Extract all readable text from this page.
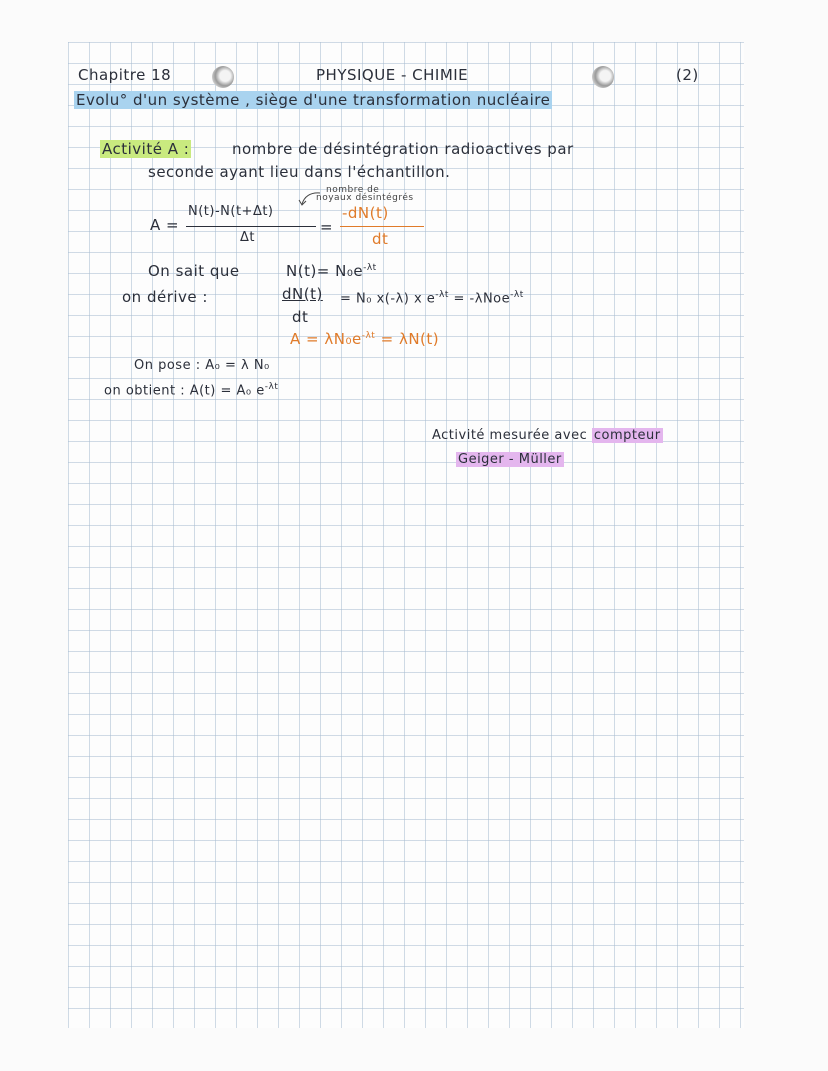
Chapitre 18	PHYSIQUE - CHIMIE	(2)
Evolu° d'un système , siège d'une transformation nucléaire
Activité A :	nombre de désintégration radioactives par
seconde ayant lieu dans l'échantillon.
nombre de
noyaux désintégrés
A =
N(t)-N(t+Δt)
Δt
=
-dN(t)
dt
On sait que	$N(t)= N_0e^{-\lambda t}$
on dérive :	dN(t)
dt
= N₀ x(-λ) x $e^{-\lambda t} = -\lambda Noe^{-\lambda t}$
$A = \lambda N_0e^{-\lambda t} = \lambda N(t)$
On pose : A₀ = λ N₀
on obtient : A(t) = A₀ $e^{-\lambda t}$
Activité mesurée avec compteur
Geiger - Müller
